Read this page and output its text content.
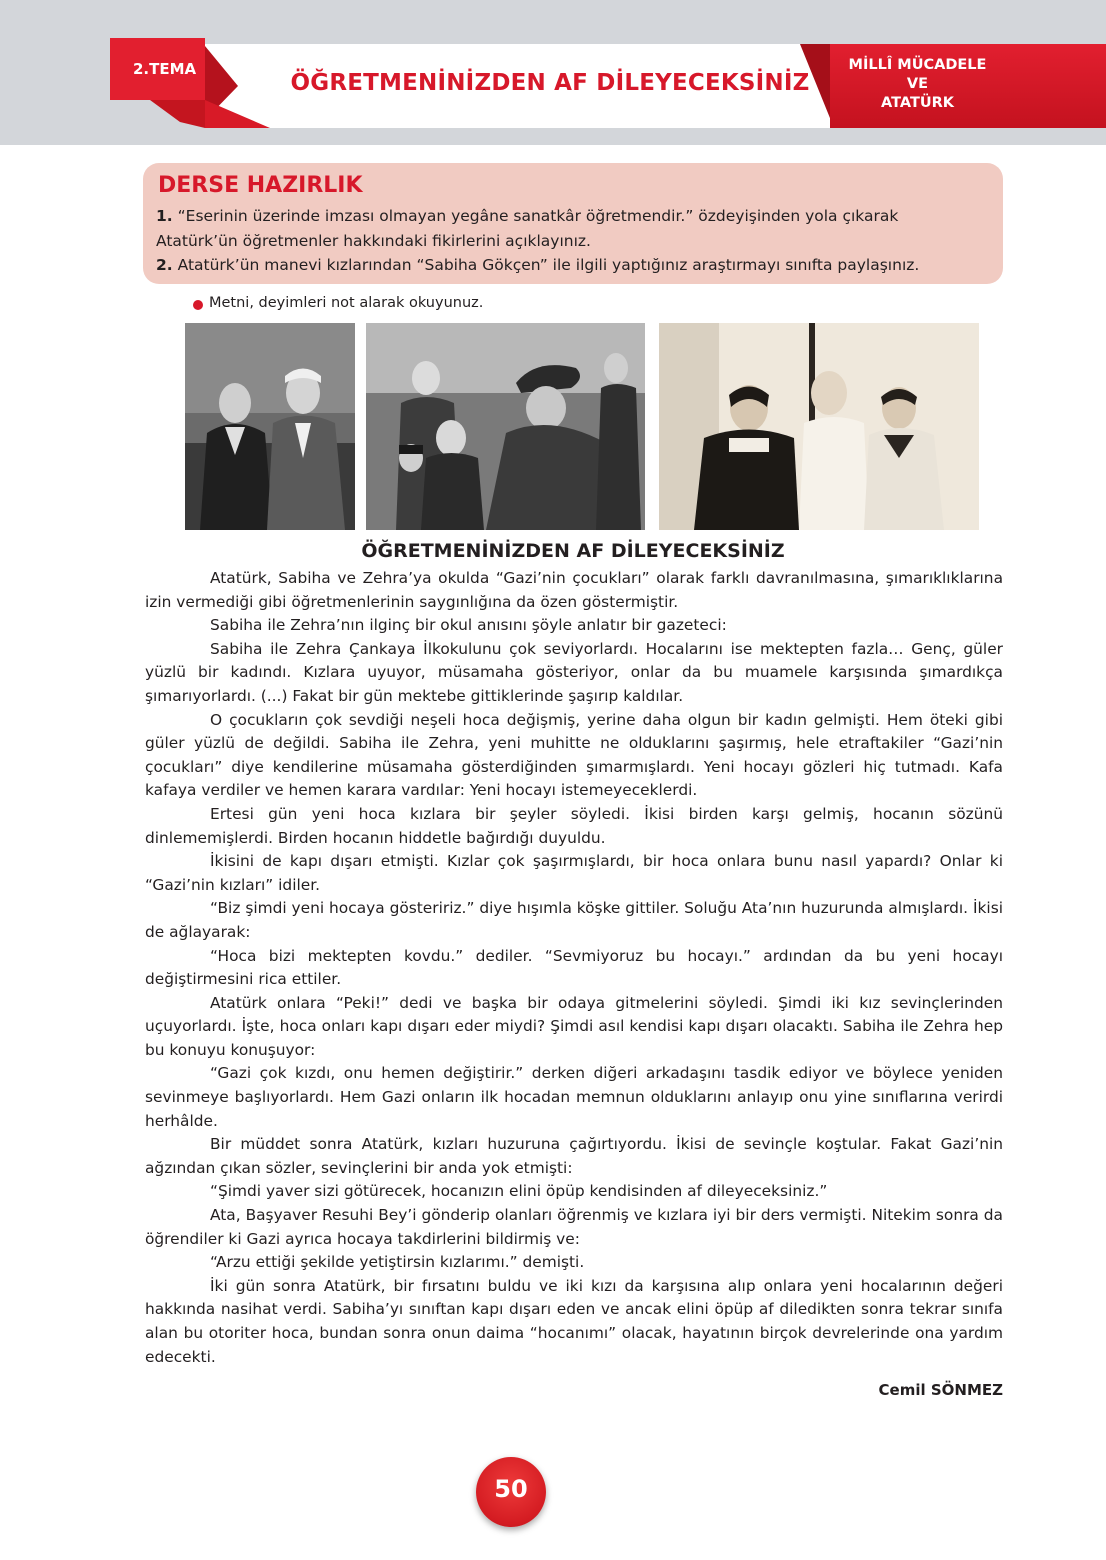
MİLLÎ MÜCADELE
VE
ATATÜRK
2.TEMA
ÖĞRETMENİNİZDEN AF DİLEYECEKSİNİZ
DERSE HAZIRLIK
1. “Eserinin üzerinde imzası olmayan yegâne sanatkâr öğretmendir.” özdeyişinden yola çıkarak
Atatürk’ün öğretmenler hakkındaki fikirlerini açıklayınız.
2. Atatürk’ün manevi kızlarından “Sabiha Gökçen” ile ilgili yaptığınız araştırmayı sınıfta paylaşınız.
Metni, deyimleri not alarak okuyunuz.
ÖĞRETMENİNİZDEN AF DİLEYECEKSİNİZ

Atatürk, Sabiha ve Zehra’ya okulda “Gazi’nin çocukları” olarak farklı davranılmasına, şımarıklıklarına izin vermediği gibi öğretmenlerinin saygınlığına da özen göstermiştir.

Sabiha ile Zehra’nın ilginç bir okul anısını şöyle anlatır bir gazeteci:

Sabiha ile Zehra Çankaya İlkokulunu çok seviyorlardı. Hocalarını ise mektepten fazla… Genç, güler yüzlü bir kadındı. Kızlara uyuyor, müsamaha gösteriyor, onlar da bu muamele karşısında şımardıkça şımarıyorlardı. (...) Fakat bir gün mektebe gittiklerinde şaşırıp kaldılar.

O çocukların çok sevdiği neşeli hoca değişmiş, yerine daha olgun bir kadın gelmişti. Hem öteki gibi güler yüzlü de değildi. Sabiha ile Zehra, yeni muhitte ne olduklarını şaşırmış, hele etraftakiler “Gazi’nin çocukları” diye kendilerine müsamaha gösterdiğinden şımarmışlardı. Yeni hocayı gözleri hiç tutmadı. Kafa kafaya verdiler ve hemen karara vardılar: Yeni hocayı istemeyeceklerdi.

Ertesi gün yeni hoca kızlara bir şeyler söyledi. İkisi birden karşı gelmiş, hocanın sözünü dinlememişlerdi. Birden hocanın hiddetle bağırdığı duyuldu.

İkisini de kapı dışarı etmişti. Kızlar çok şaşırmışlardı, bir hoca onlara bunu nasıl yapardı? Onlar ki “Gazi’nin kızları” idiler.

“Biz şimdi yeni hocaya gösteririz.” diye hışımla köşke gittiler. Soluğu Ata’nın huzurunda almışlardı. İkisi de ağlayarak:

“Hoca bizi mektepten kovdu.” dediler. “Sevmiyoruz bu hocayı.” ardından da bu yeni hocayı değiştirmesini rica ettiler.

Atatürk onlara “Peki!” dedi ve başka bir odaya gitmelerini söyledi. Şimdi iki kız sevinçlerinden uçuyorlardı. İşte, hoca onları kapı dışarı eder miydi? Şimdi asıl kendisi kapı dışarı olacaktı. Sabiha ile Zehra hep bu konuyu konuşuyor:

“Gazi çok kızdı, onu hemen değiştirir.” derken diğeri arkadaşını tasdik ediyor ve böylece yeniden sevinmeye başlıyorlardı. Hem Gazi onların ilk hocadan memnun olduklarını anlayıp onu yine sınıflarına verirdi herhâlde.

Bir müddet sonra Atatürk, kızları huzuruna çağırtıyordu. İkisi de sevinçle koştular. Fakat Gazi’nin ağzından çıkan sözler, sevinçlerini bir anda yok etmişti:

“Şimdi yaver sizi götürecek, hocanızın elini öpüp kendisinden af dileyeceksiniz.”

Ata, Başyaver Resuhi Bey’i gönderip olanları öğrenmiş ve kızlara iyi bir ders vermişti. Nitekim sonra da öğrendiler ki Gazi ayrıca hocaya takdirlerini bildirmiş ve:

“Arzu ettiği şekilde yetiştirsin kızlarımı.” demişti.

İki gün sonra Atatürk, bir fırsatını buldu ve iki kızı da karşısına alıp onlara yeni hocalarının değeri hakkında nasihat verdi. Sabiha’yı sınıftan kapı dışarı eden ve ancak elini öpüp af diledikten sonra tekrar sınıfa alan bu otoriter hoca, bundan sonra onun daima “hocanımı” olacak, hayatının birçok devrelerinde ona yardım edecekti.

Cemil SÖNMEZ
50
